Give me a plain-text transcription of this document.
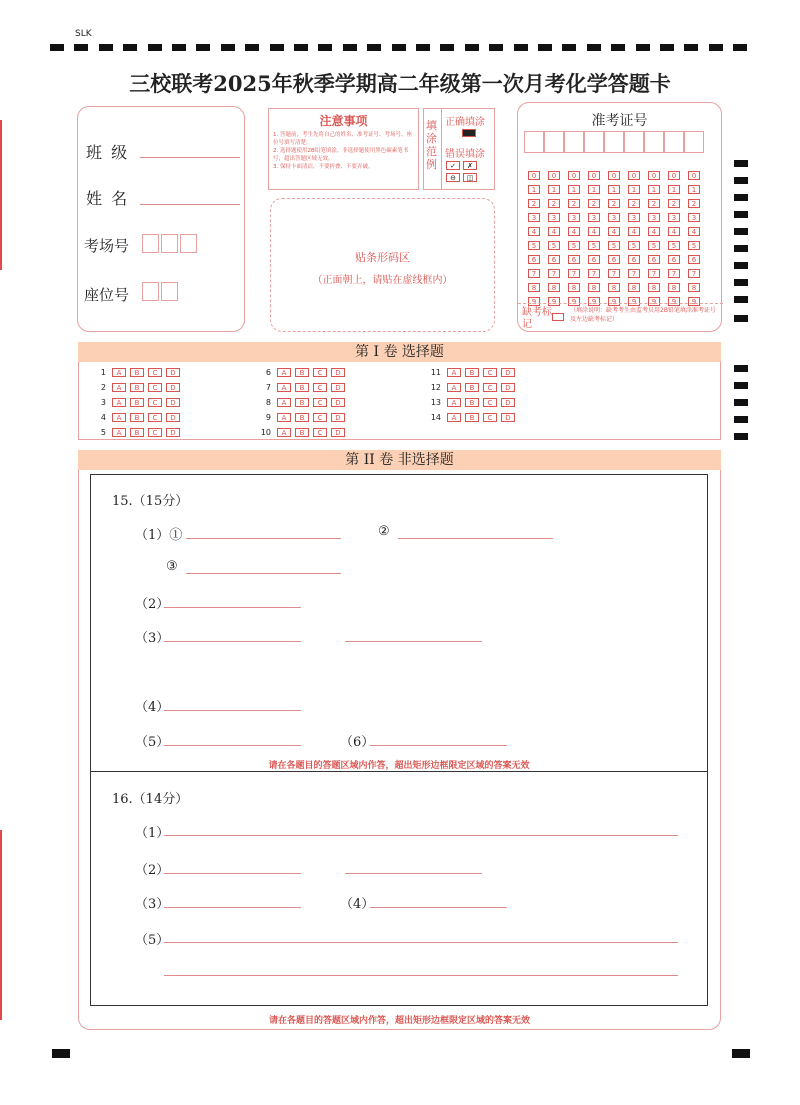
SLK
三校联考2025年秋季学期高二年级第一次月考化学答题卡
班 级
姓 名
考场号
座位号
注意事项
1. 答题前，考生先将自己的姓名、准考证号、考场号、座位号填写清楚。
2. 选择题使用2B铅笔填涂，非选择题使用黑色碳素笔书写，超出答题区域无效。
3. 保持卡面清洁，不要折叠、不要弄破。
填涂范例
正确填涂
错误填涂
✓ ✗
⊖ ◫
贴条形码区
（正面朝上，请贴在虚线框内）
准考证号
0 0 0 0 0 0 0 0 0
1 1 1 1 1 1 1 1 1
2 2 2 2 2 2 2 2 2
3 3 3 3 3 3 3 3 3
4 4 4 4 4 4 4 4 4
5 5 5 5 5 5 5 5 5
6 6 6 6 6 6 6 6 6
7 7 7 7 7 7 7 7 7
8 8 8 8 8 8 8 8 8
9 9 9 9 9 9 9 9 9
缺考标记
（填涂说明：缺考考生由监考员用2B铅笔填涂准考证号及左边缺考标记）
第 I 卷 选择题
1 A B C D
2 A B C D
3 A B C D
4 A B C D
5 A B C D
6 A B C D
7 A B C D
8 A B C D
9 A B C D
10 A B C D
11 A B C D
12 A B C D
13 A B C D
14 A B C D
第 II 卷 非选择题
15.（15分）
（1）①	②
③
（2）
（3）
（4）
（5）	（6）
请在各题目的答题区域内作答，超出矩形边框限定区域的答案无效
16.（14分）
（1）
（2）
（3）	（4）
（5）
请在各题目的答题区域内作答，超出矩形边框限定区域的答案无效
